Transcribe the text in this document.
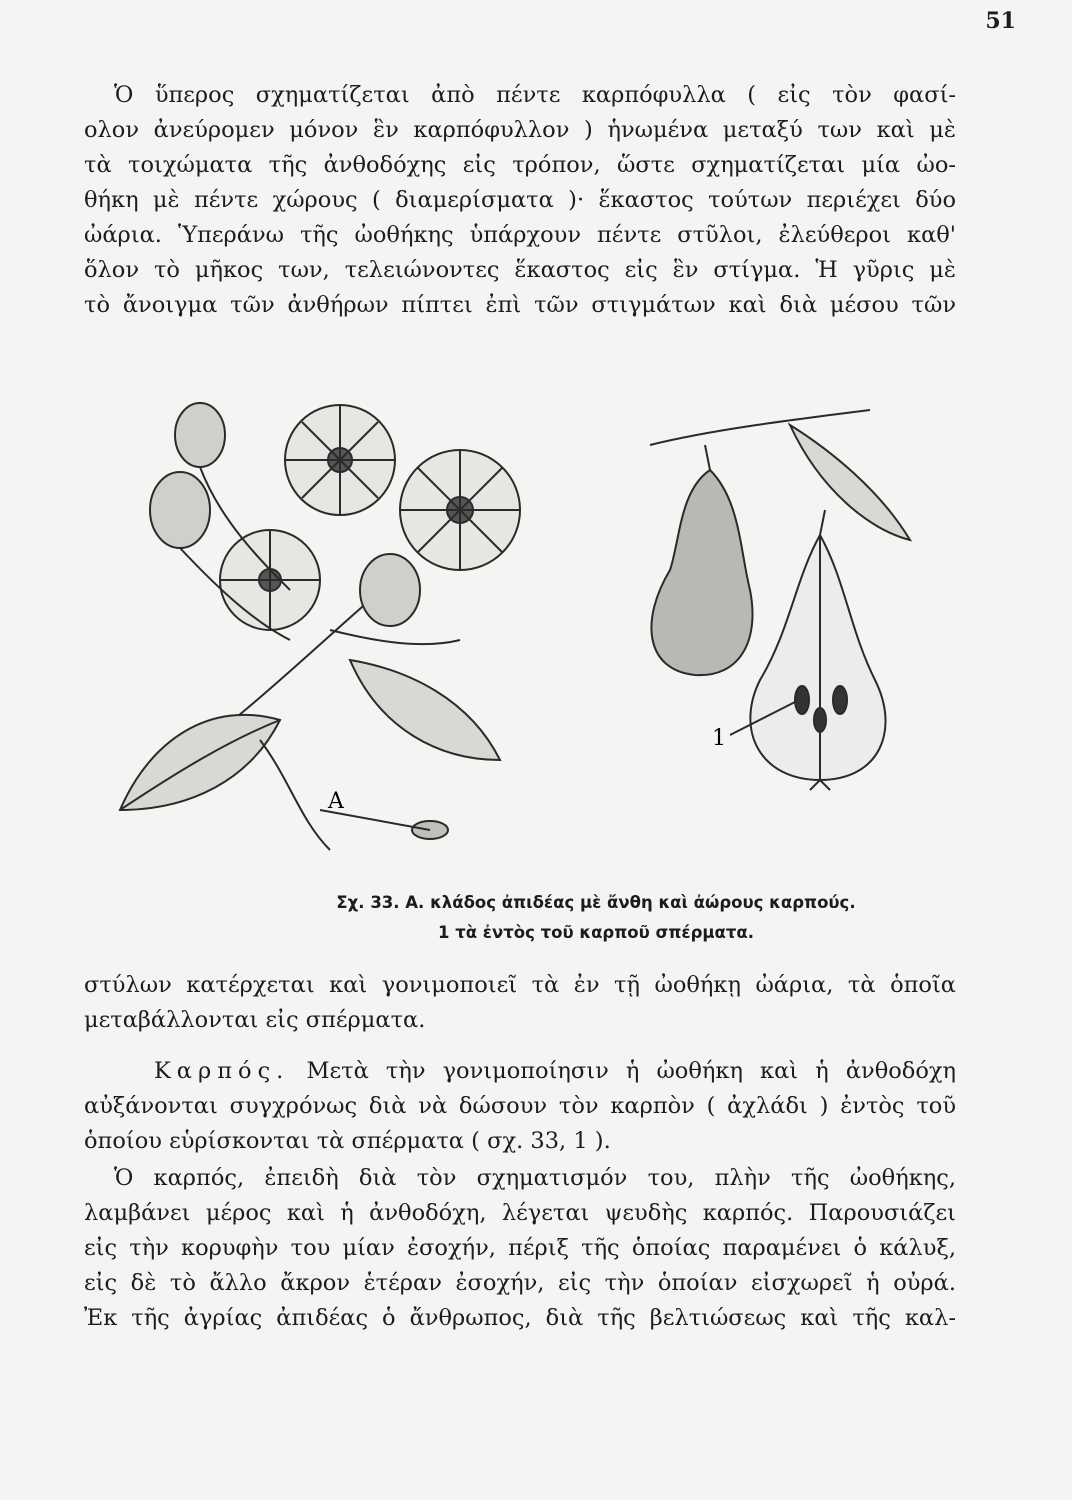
51

Ὁ ὕπερος σχηματίζεται ἀπὸ πέντε καρπόφυλλα ( εἰς τὸν φασί-
ολον ἀνεύρομεν μόνον ἓν καρπόφυλλον ) ἡνωμένα μεταξύ των καὶ μὲ
τὰ τοιχώματα τῆς ἀνθοδόχης εἰς τρόπον, ὥστε σχηματίζεται μία ὠο-
θήκη μὲ πέντε χώρους ( διαμερίσματα )· ἕκαστος τούτων περιέχει δύο
ὠάρια. Ὑπεράνω τῆς ὠοθήκης ὑπάρχουν πέντε στῦλοι, ἐλεύθεροι καθ'
ὅλον τὸ μῆκος των, τελειώνοντες ἕκαστος εἰς ἓν στίγμα. Ἡ γῦρις μὲ
τὸ ἄνοιγμα τῶν ἀνθήρων πίπτει ἐπὶ τῶν στιγμάτων καὶ διὰ μέσου τῶν

Α
1
Σχ. 33. Α. κλάδος ἀπιδέας μὲ ἄνθη καὶ ἀώρους καρπούς.
1 τὰ ἐντὸς τοῦ καρποῦ σπέρματα.

στύλων κατέρχεται καὶ γονιμοποιεῖ τὰ ἐν τῇ ὠοθήκῃ ὠάρια, τὰ ὁποῖα
μεταβάλλονται εἰς σπέρματα.

Καρπός. Μετὰ τὴν γονιμοποίησιν ἡ ὠοθήκη καὶ ἡ ἀνθοδόχη
αὐξάνονται συγχρόνως διὰ νὰ δώσουν τὸν καρπὸν ( ἀχλάδι ) ἐντὸς τοῦ
ὁποίου εὑρίσκονται τὰ σπέρματα ( σχ. 33, 1 ).

Ὁ καρπός, ἐπειδὴ διὰ τὸν σχηματισμόν του, πλὴν τῆς ὠοθήκης,
λαμβάνει μέρος καὶ ἡ ἀνθοδόχη, λέγεται ψευδὴς καρπός. Παρουσιάζει
εἰς τὴν κορυφὴν του μίαν ἐσοχήν, πέριξ τῆς ὁποίας παραμένει ὁ κάλυξ,
εἰς δὲ τὸ ἄλλο ἄκρον ἑτέραν ἐσοχήν, εἰς τὴν ὁποίαν εἰσχωρεῖ ἡ οὐρά.
Ἐκ τῆς ἀγρίας ἀπιδέας ὁ ἄνθρωπος, διὰ τῆς βελτιώσεως καὶ τῆς καλ-
